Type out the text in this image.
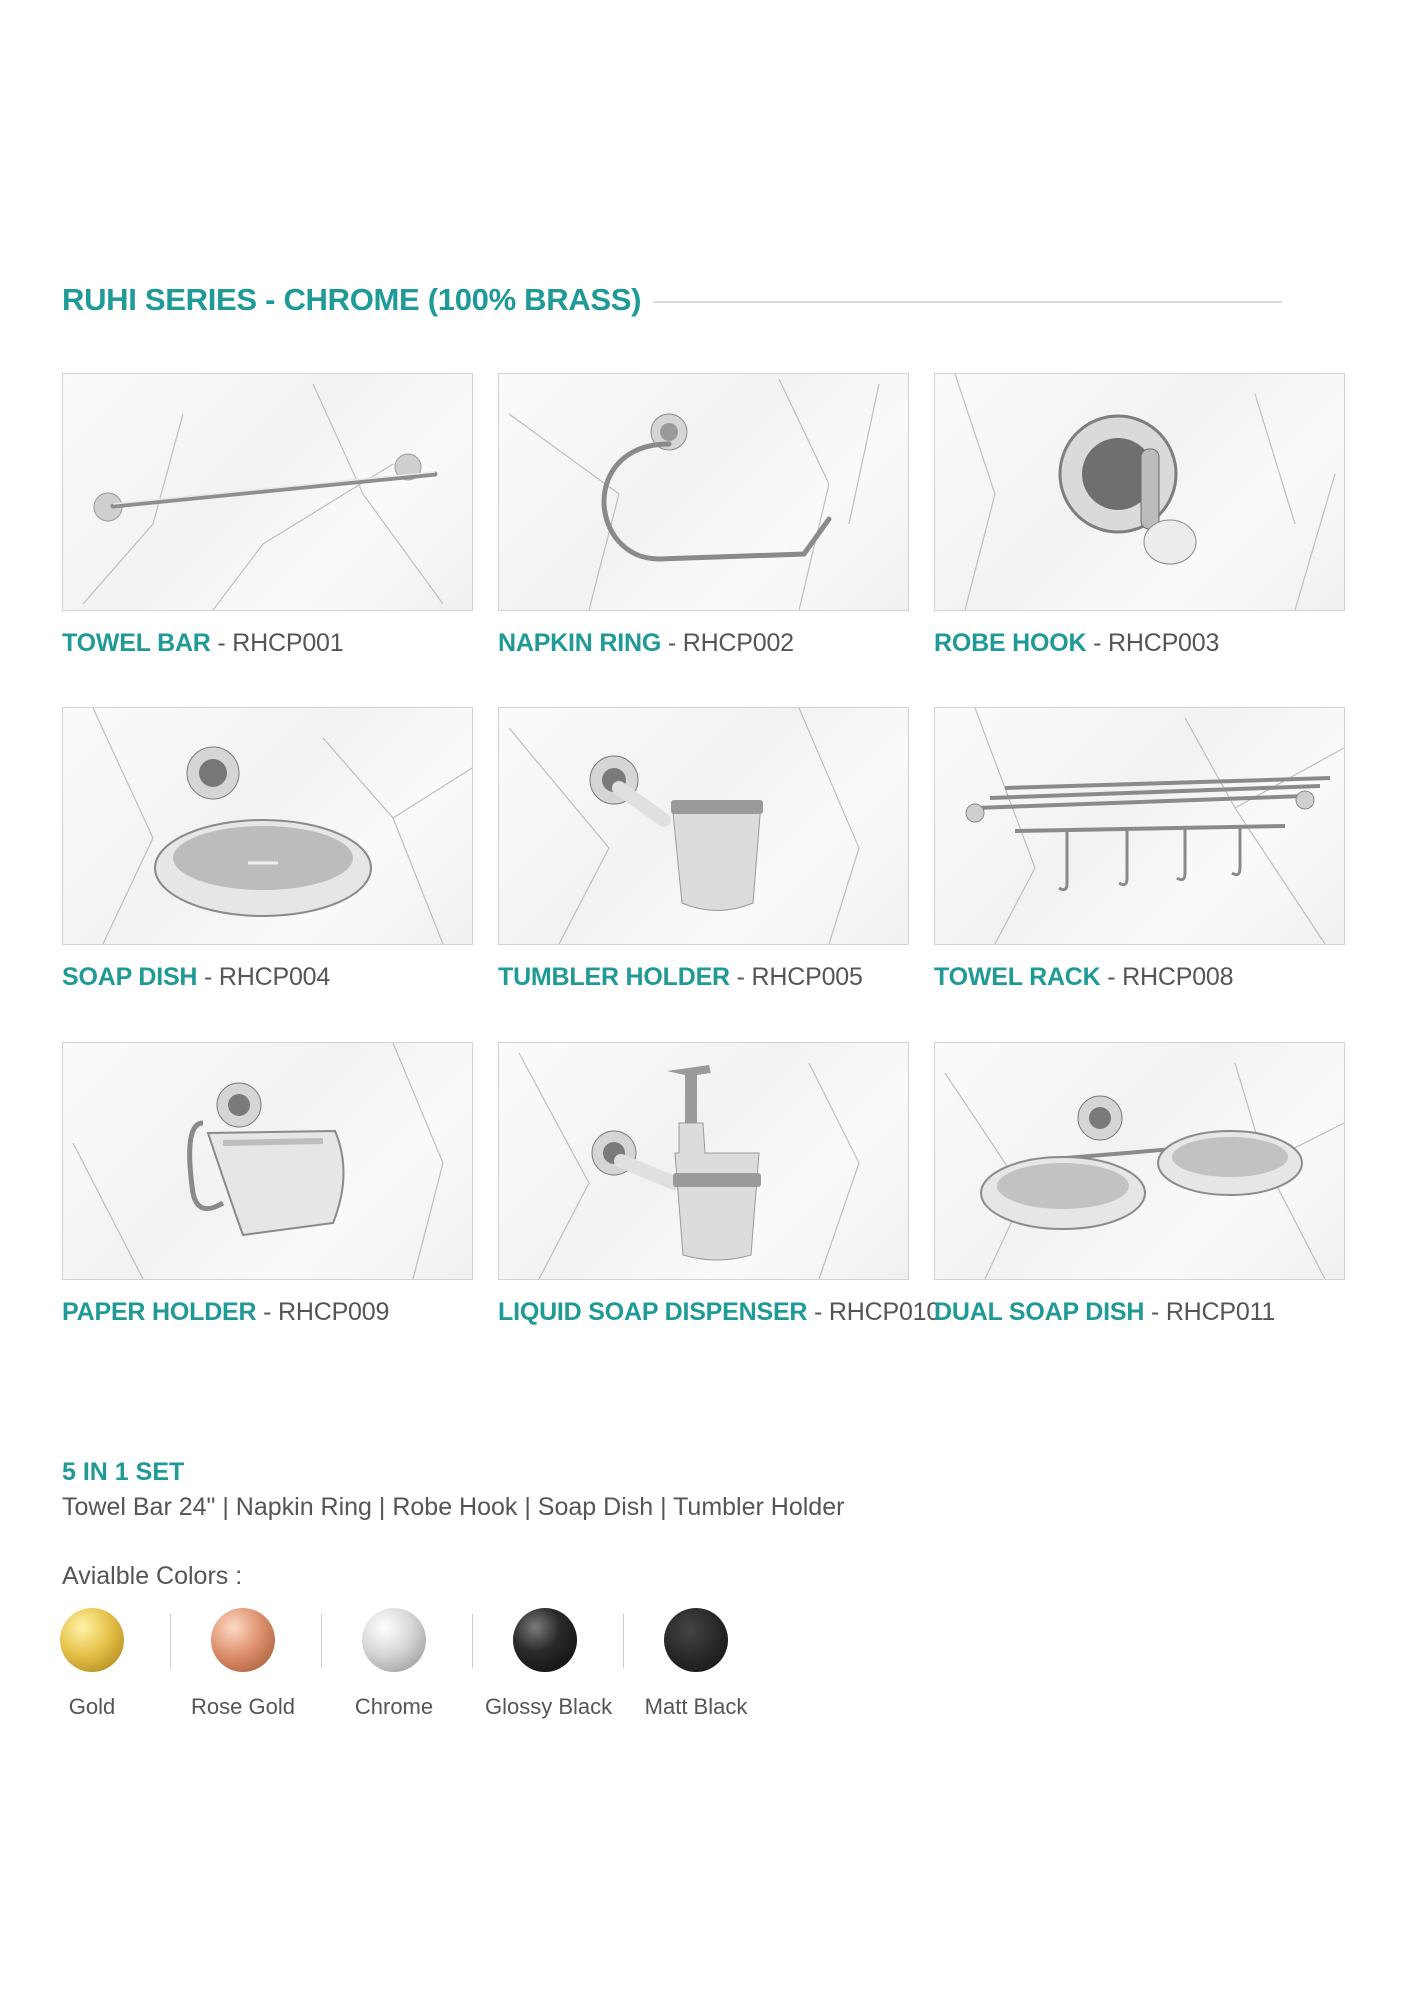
RUHI SERIES - CHROME (100% BRASS)
TOWEL BAR - RHCP001	NAPKIN RING - RHCP002	ROBE HOOK - RHCP003
SOAP DISH - RHCP004	TUMBLER HOLDER - RHCP005	TOWEL RACK - RHCP008
PAPER HOLDER - RHCP009	LIQUID SOAP DISPENSER - RHCP010
DUAL SOAP DISH - RHCP011
5 IN 1 SET
Towel Bar 24" | Napkin Ring | Robe Hook | Soap Dish | Tumbler Holder
Avialble Colors :
Gold	Rose Gold	Chrome	Glossy Black	Matt Black
